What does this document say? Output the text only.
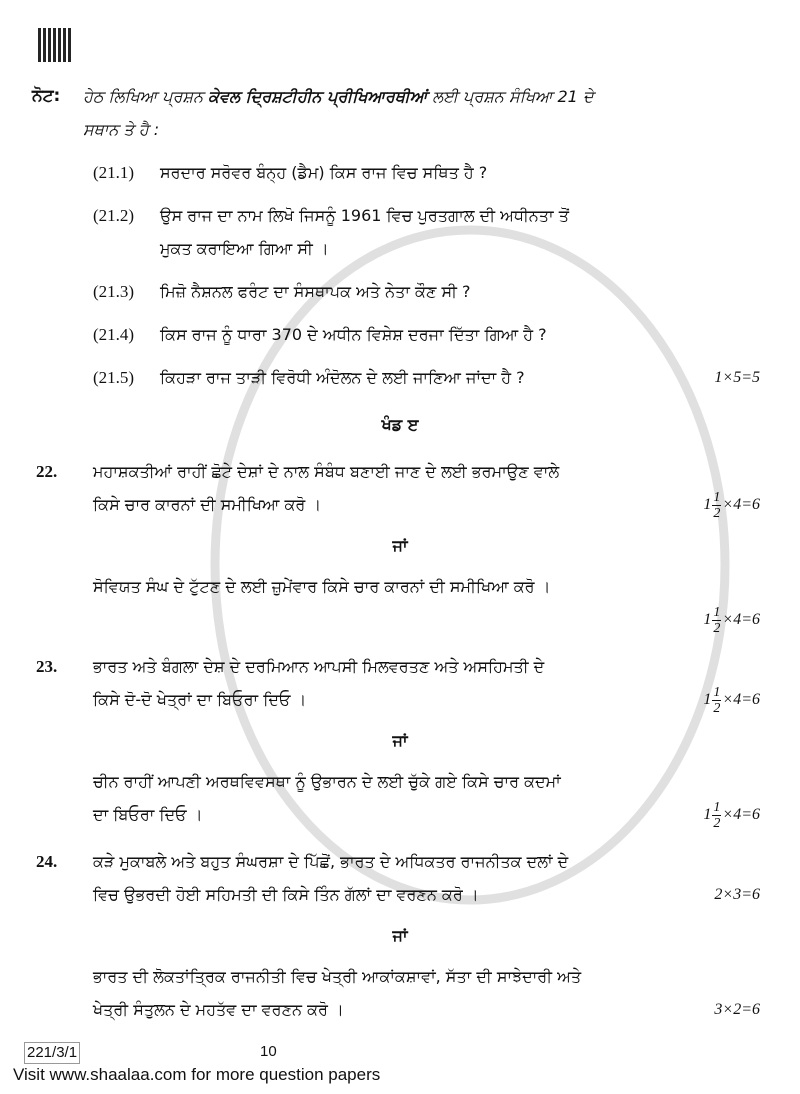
ਨੋਟ:	ਹੇਠ ਲਿਖਿਆ ਪ੍ਰਸ਼ਨ ਕੇਵਲ ਦ੍ਰਿਸ਼ਟੀਹੀਨ ਪ੍ਰੀਖਿਆਰਥੀਆਂ ਲਈ ਪ੍ਰਸ਼ਨ ਸੰਖਿਆ 21 ਦੇ
ਸਥਾਨ ਤੇ ਹੈ :
(21.1)	ਸਰਦਾਰ ਸਰੋਵਰ ਬੰਨ੍ਹ (ਡੈਮ) ਕਿਸ ਰਾਜ ਵਿਚ ਸਥਿਤ ਹੈ ?
(21.2)	ਉਸ ਰਾਜ ਦਾ ਨਾਮ ਲਿਖੋ ਜਿਸਨੂੰ 1961 ਵਿਚ ਪੁਰਤਗਾਲ ਦੀ ਅਧੀਨਤਾ ਤੋਂ
ਮੁਕਤ ਕਰਾਇਆ ਗਿਆ ਸੀ ।
(21.3)	ਮਿਜ਼ੋ ਨੈਸ਼ਨਲ ਫਰੰਟ ਦਾ ਸੰਸਥਾਪਕ ਅਤੇ ਨੇਤਾ ਕੌਣ ਸੀ ?
(21.4)	ਕਿਸ ਰਾਜ ਨੂੰ ਧਾਰਾ 370 ਦੇ ਅਧੀਨ ਵਿਸ਼ੇਸ਼ ਦਰਜਾ ਦਿੱਤਾ ਗਿਆ ਹੈ ?
(21.5)	ਕਿਹੜਾ ਰਾਜ ਤਾੜੀ ਵਿਰੋਧੀ ਅੰਦੋਲਨ ਦੇ ਲਈ ਜਾਣਿਆ ਜਾਂਦਾ ਹੈ ?	1×5=5
ਖੰਡ ੲ
22.	ਮਹਾਸ਼ਕਤੀਆਂ ਰਾਹੀਂ ਛੋਟੇ ਦੇਸ਼ਾਂ ਦੇ ਨਾਲ ਸੰਬੰਧ ਬਣਾਈ ਜਾਣ ਦੇ ਲਈ ਭਰਮਾਉਣ ਵਾਲੇ
ਕਿਸੇ ਚਾਰ ਕਾਰਨਾਂ ਦੀ ਸਮੀਖਿਆ ਕਰੋ ।	$1 \frac{1}{2} \times 4=6$
ਜਾਂ
ਸੋਵਿਯਤ ਸੰਘ ਦੇ ਟੁੱਟਣ ਦੇ ਲਈ ਜ਼ੁਮੇਂਵਾਰ ਕਿਸੇ ਚਾਰ ਕਾਰਨਾਂ ਦੀ ਸਮੀਖਿਆ ਕਰੋ ।
$1 \frac{1}{2} \times 4=6$
23.	ਭਾਰਤ ਅਤੇ ਬੰਗਲਾ ਦੇਸ਼ ਦੇ ਦਰਮਿਆਨ ਆਪਸੀ ਮਿਲਵਰਤਣ ਅਤੇ ਅਸਹਿਮਤੀ ਦੇ
ਕਿਸੇ ਦੋ-ਦੋ ਖੇਤ੍ਰਾਂ ਦਾ ਬਿਓਰਾ ਦਿਓ ।	$1 \frac{1}{2} \times 4=6$
ਜਾਂ
ਚੀਨ ਰਾਹੀਂ ਆਪਣੀ ਅਰਥਵਿਵਸਥਾ ਨੂੰ ਉਭਾਰਨ ਦੇ ਲਈ ਚੁੱਕੇ ਗਏ ਕਿਸੇ ਚਾਰ ਕਦਮਾਂ
ਦਾ ਬਿਓਰਾ ਦਿਓ ।	$1 \frac{1}{2} \times 4=6$
24.	ਕੜੇ ਮੁਕਾਬਲੇ ਅਤੇ ਬਹੁਤ ਸੰਘਰਸ਼ਾ ਦੇ ਪਿੱਛੋਂ, ਭਾਰਤ ਦੇ ਅਧਿਕਤਰ ਰਾਜਨੀਤਕ ਦਲਾਂ ਦੇ
ਵਿਚ ਉਭਰਦੀ ਹੋਈ ਸਹਿਮਤੀ ਦੀ ਕਿਸੇ ਤਿੰਨ ਗੱਲਾਂ ਦਾ ਵਰਣਨ ਕਰੋ ।	2×3=6
ਜਾਂ
ਭਾਰਤ ਦੀ ਲੋਕਤਾਂਤ੍ਰਿਕ ਰਾਜਨੀਤੀ ਵਿਚ ਖੇਤ੍ਰੀ ਆਕਾਂਕਸ਼ਾਵਾਂ, ਸੱਤਾ ਦੀ ਸਾਝੇਦਾਰੀ ਅਤੇ
ਖੇਤ੍ਰੀ ਸੰਤੁਲਨ ਦੇ ਮਹਤੱਵ ਦਾ ਵਰਣਨ ਕਰੋ ।	3×2=6
221/3/1	10
Visit www.shaalaa.com for more question papers
